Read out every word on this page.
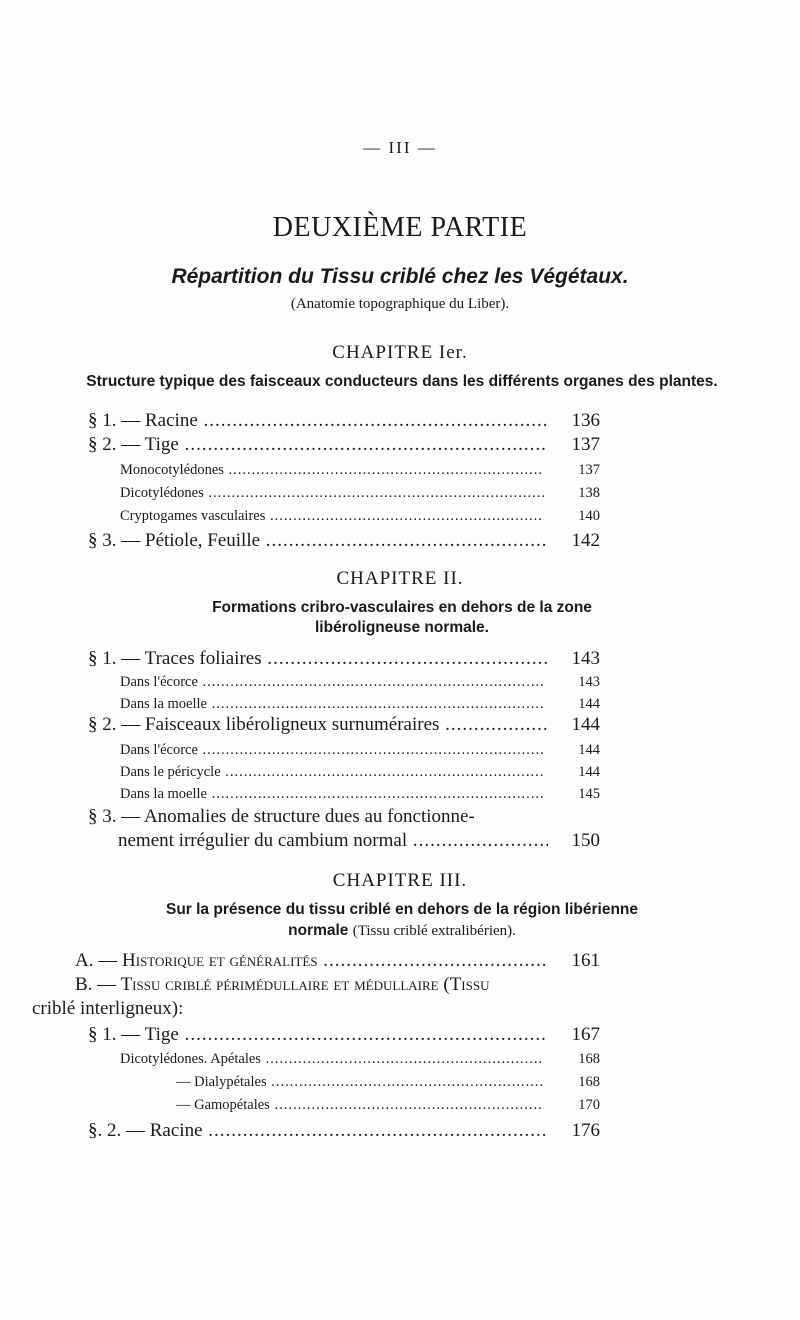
— III —
DEUXIÈME PARTIE
Répartition du Tissu criblé chez les Végétaux.
(Anatomie topographique du Liber).
CHAPITRE Ier.
Structure typique des faisceaux conducteurs dans les différents organes des plantes.
§ 1. — Racine .....	136
§ 2. — Tige .....	137
Monocotylédones .....	137
Dicotylédones .....	138
Cryptogames vasculaires .....	140
§ 3. — Pétiole, Feuille .....	142
CHAPITRE II.
Formations cribro-vasculaires en dehors de la zone
libéroligneuse normale.
§ 1. — Traces foliaires .....	143
Dans l'écorce .....	143
Dans la moelle .....	144
§ 2. — Faisceaux libéroligneux surnuméraires .....	144
Dans l'écorce .....	144
Dans le péricycle .....	144
Dans la moelle .....	145
§ 3. — Anomalies de structure dues au fonctionne-
nement irrégulier du cambium normal .....	150
CHAPITRE III.
Sur la présence du tissu criblé en dehors de la région libérienne
normale (Tissu criblé extralibérien).
A. — Historique et généralités .....	161
B. — Tissu criblé périmédullaire et médullaire (Tissu
criblé interligneux):
§ 1. — Tige .....	167
Dicotylédones. Apétales .....	168
— Dialypétales .....	168
— Gamopétales .....	170
§. 2. — Racine .....	176
